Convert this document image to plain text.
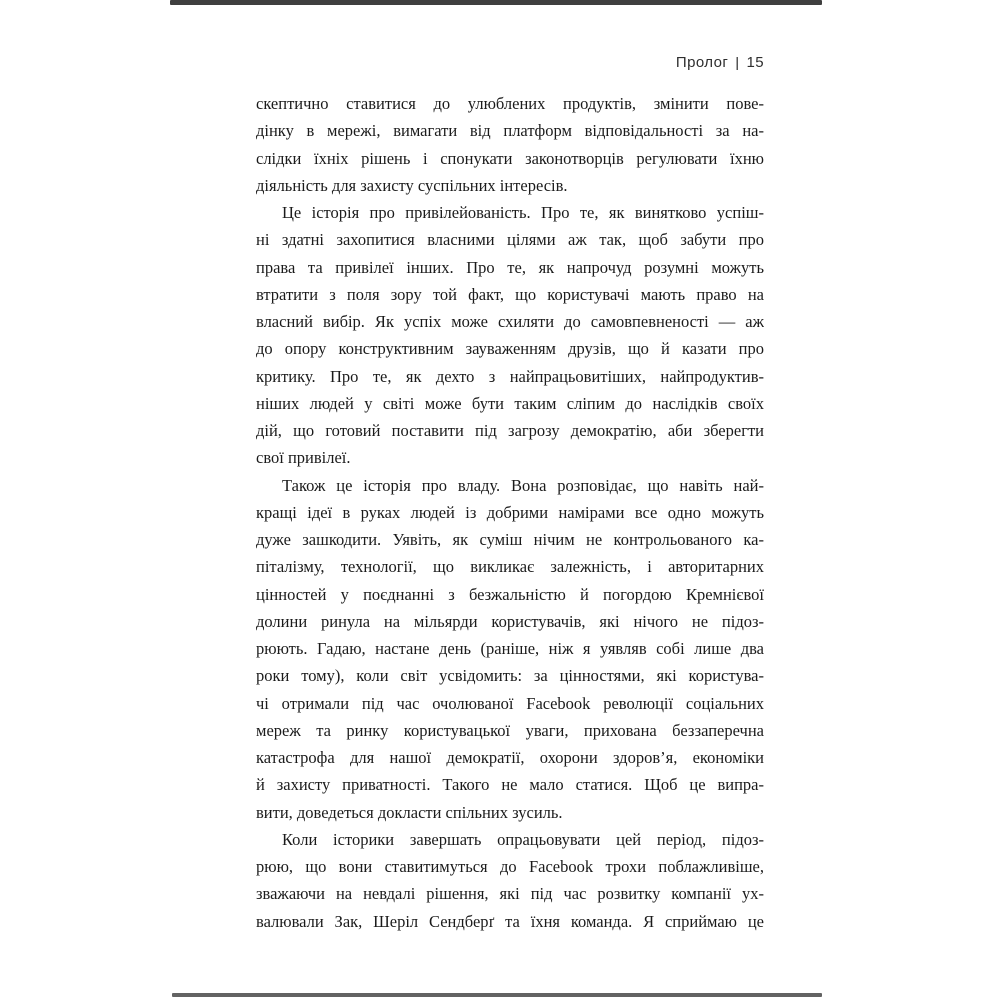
Пролог | 15
скептично ставитися до улюблених продуктів, змінити пове-
дінку в мережі, вимагати від платформ відповідальності за на-
слідки їхніх рішень і спонукати законотворців регулювати їхню
діяльність для захисту суспільних інтересів.
Це історія про привілейованість. Про те, як винятково успіш-
ні здатні захопитися власними цілями аж так, щоб забути про
права та привілеї інших. Про те, як напрочуд розумні можуть
втратити з поля зору той факт, що користувачі мають право на
власний вибір. Як успіх може схиляти до самовпевненості — аж
до опору конструктивним зауваженням друзів, що й казати про
критику. Про те, як дехто з найпрацьовитіших, найпродуктив-
ніших людей у світі може бути таким сліпим до наслідків своїх
дій, що готовий поставити під загрозу демократію, аби зберегти
свої привілеї.
Також це історія про владу. Вона розповідає, що навіть най-
кращі ідеї в руках людей із добрими намірами все одно можуть
дуже зашкодити. Уявіть, як суміш нічим не контрольованого ка-
піталізму, технології, що викликає залежність, і авторитарних
цінностей у поєднанні з безжальністю й погордою Кремнієвої
долини ринула на мільярди користувачів, які нічого не підоз-
рюють. Гадаю, настане день (раніше, ніж я уявляв собі лише два
роки тому), коли світ усвідомить: за цінностями, які користува-
чі отримали під час очолюваної Facebook революції соціальних
мереж та ринку користувацької уваги, прихована беззаперечна
катастрофа для нашої демократії, охорони здоров’я, економіки
й захисту приватності. Такого не мало статися. Щоб це випра-
вити, доведеться докласти спільних зусиль.
Коли історики завершать опрацьовувати цей період, підоз-
рюю, що вони ставитимуться до Facebook трохи поблажливіше,
зважаючи на невдалі рішення, які під час розвитку компанії ух-
валювали Зак, Шеріл Сендберґ та їхня команда. Я сприймаю це
